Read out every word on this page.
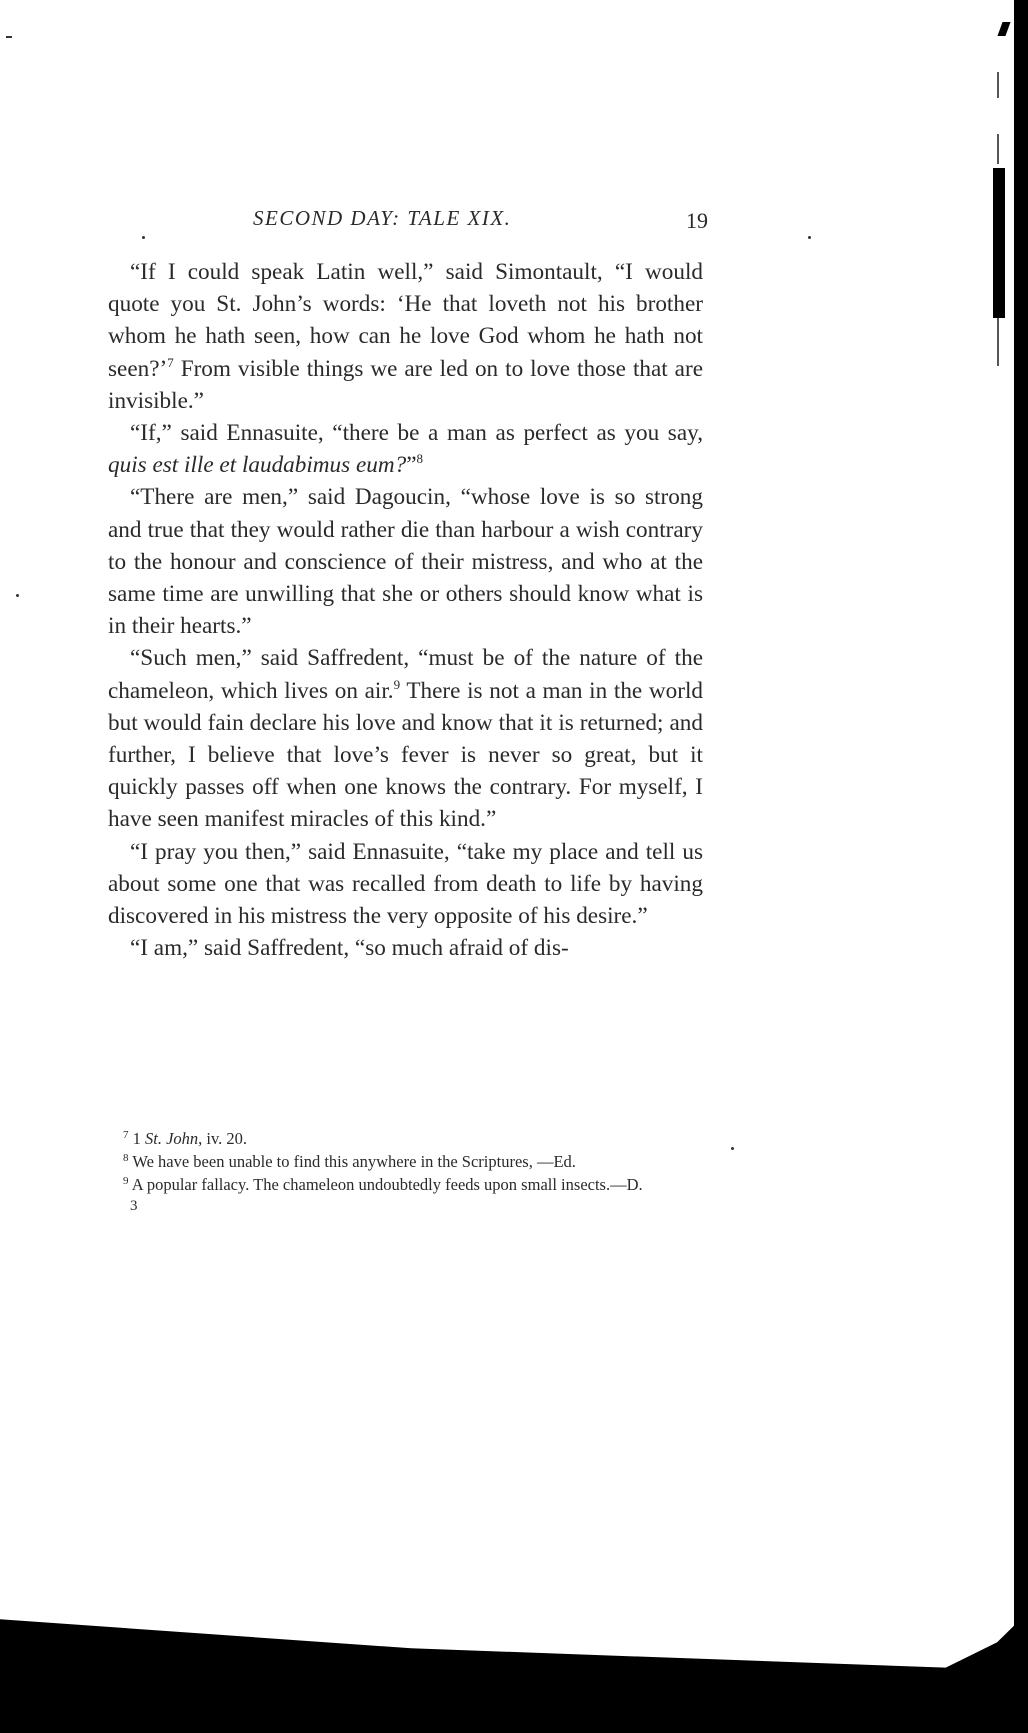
SECOND DAY: TALE XIX.	19

“If I could speak Latin well,” said Simontault, “I would quote you St. John’s words: ‘He that loveth not his brother whom he hath seen, how can he love God whom he hath not seen?’$^7$ From visible things we are led on to love those that are invisible.”

“If,” said Ennasuite, “there be a man as perfect as you say, quis est ille et laudabimus eum?”$^8$

“There are men,” said Dagoucin, “whose love is so strong and true that they would rather die than harbour a wish contrary to the honour and conscience of their mistress, and who at the same time are unwilling that she or others should know what is in their hearts.”

“Such men,” said Saffredent, “must be of the nature of the chameleon, which lives on air.$^9$ There is not a man in the world but would fain declare his love and know that it is returned; and further, I believe that love’s fever is never so great, but it quickly passes off when one knows the contrary. For myself, I have seen manifest miracles of this kind.”

“I pray you then,” said Ennasuite, “take my place and tell us about some one that was recalled from death to life by having discovered in his mistress the very opposite of his desire.”

“I am,” said Saffredent, “so much afraid of dis-

$^7$ 1 St. John, iv. 20.

$^8$ We have been unable to find this anywhere in the Scriptures, —Ed.

$^9$ A popular fallacy. The chameleon undoubtedly feeds upon small insects.—D.

3
